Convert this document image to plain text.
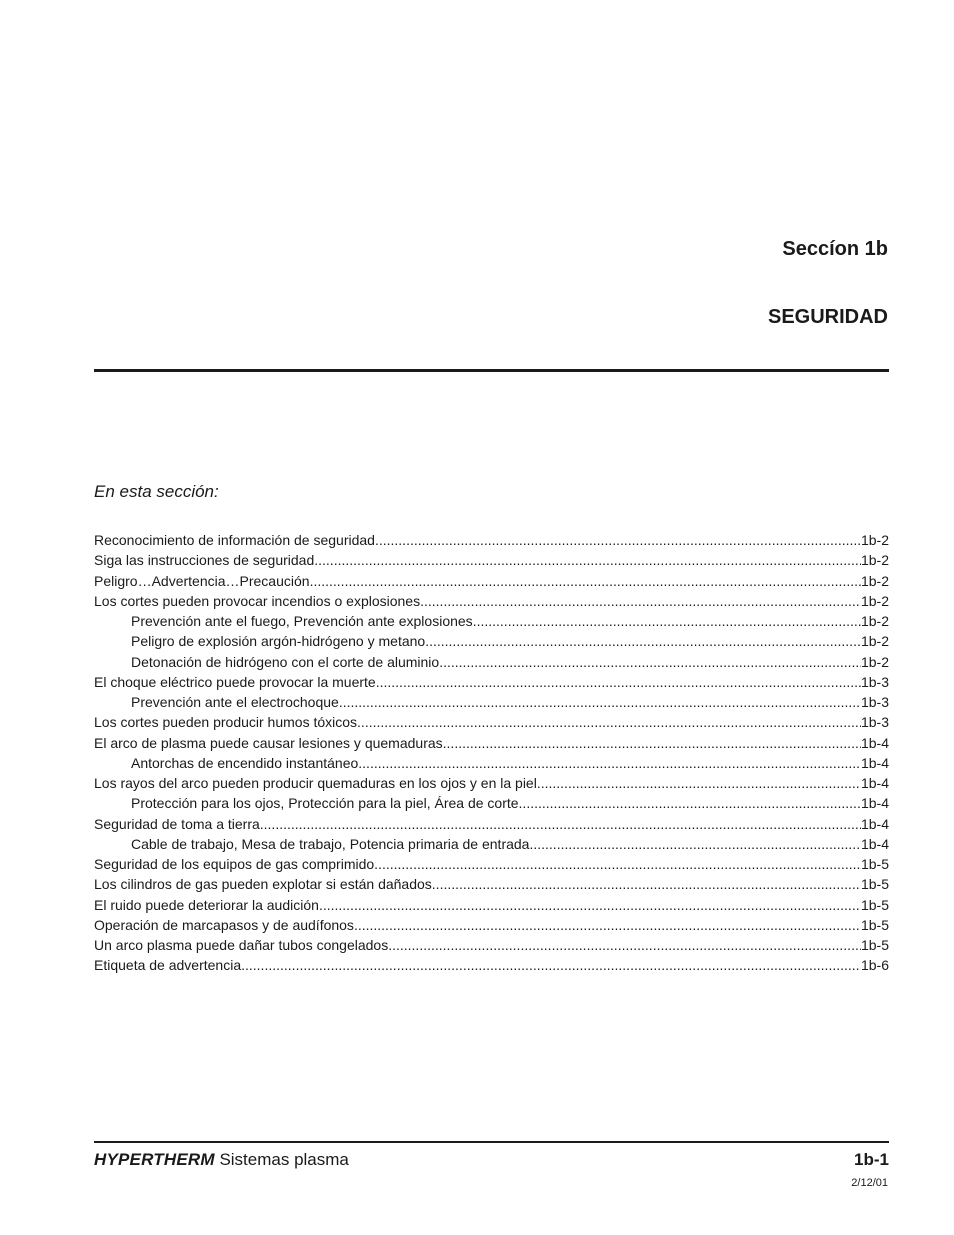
Seccíon 1b
SEGURIDAD

En esta sección:

Reconocimiento de información de seguridad .....	1b-2
Siga las instrucciones de seguridad .....	1b-2
Peligro…Advertencia…Precaución .....	1b-2
Los cortes pueden provocar incendios o explosiones .....	1b-2
Prevención ante el fuego, Prevención ante explosiones .....	1b-2
Peligro de explosión argón-hidrógeno y metano .....	1b-2
Detonación de hidrógeno con el corte de aluminio .....	1b-2
El choque eléctrico puede provocar la muerte .....	1b-3
Prevención ante el electrochoque .....	1b-3
Los cortes pueden producir humos tóxicos .....	1b-3
El arco de plasma puede causar lesiones y quemaduras .....	1b-4
Antorchas de encendido instantáneo .....	1b-4
Los rayos del arco pueden producir quemaduras en los ojos y en la piel .....	1b-4
Protección para los ojos, Protección para la piel, Área de corte .....	1b-4
Seguridad de toma a tierra .....	1b-4
Cable de trabajo, Mesa de trabajo, Potencia primaria de entrada .....	1b-4
Seguridad de los equipos de gas comprimido .....	1b-5
Los cilindros de gas pueden explotar si están dañados .....	1b-5
El ruido puede deteriorar la audición .....	1b-5
Operación de marcapasos y de audífonos .....	1b-5
Un arco plasma puede dañar tubos congelados .....	1b-5
Etiqueta de advertencia .....	1b-6

HYPERTHERM Sistemas plasma	1b-1

2/12/01
